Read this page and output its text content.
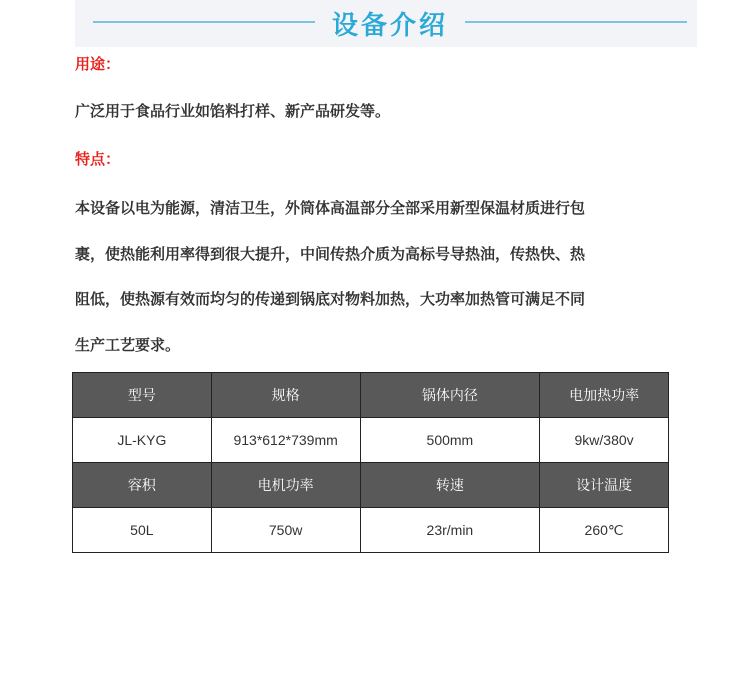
设备介绍
用途：
广泛用于食品行业如馅料打样、新产品研发等。
特点：
本设备以电为能源，清洁卫生，外筒体高温部分全部采用新型保温材质进行包
裹，使热能利用率得到很大提升，中间传热介质为高标号导热油，传热快、热
阻低，使热源有效而均匀的传递到锅底对物料加热，大功率加热管可满足不同
生产工艺要求。
型号	规格	锅体内径	电加热功率
JL-KYG	913*612*739mm	500mm	9kw/380v
容积	电机功率	转速	设计温度
50L	750w	23r/min	260℃
